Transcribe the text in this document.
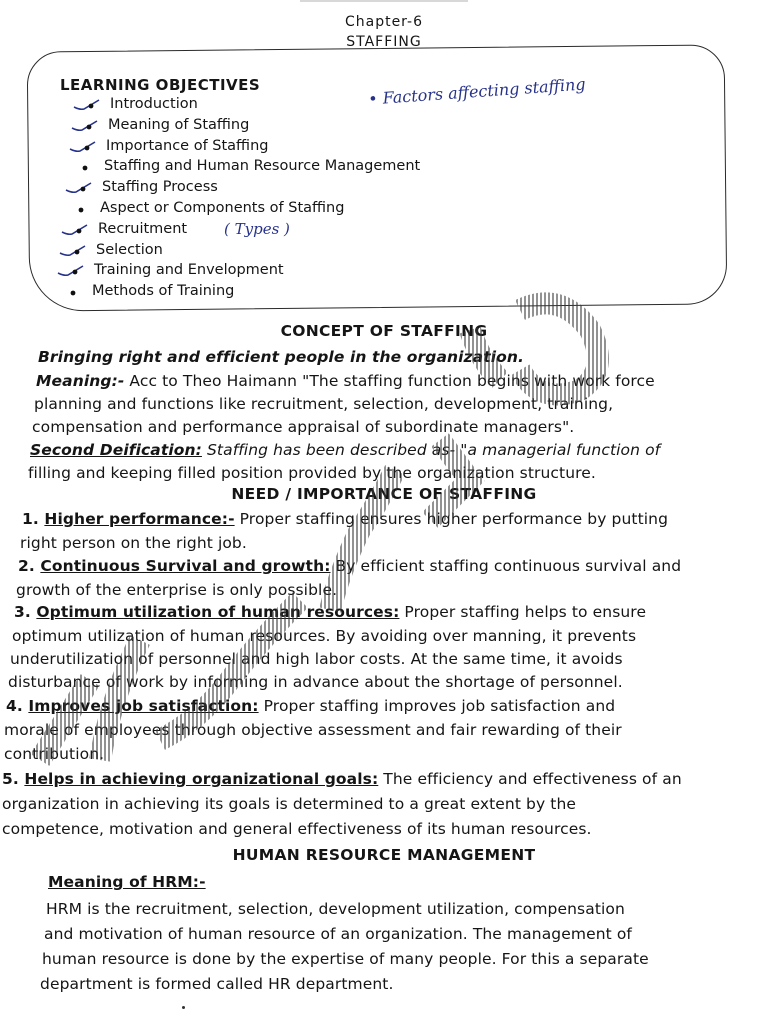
Chapter-6
STAFFING
LEARNING OBJECTIVES
Introduction
Meaning of Staffing
Importance of Staffing
Staffing and Human Resource Management
Staffing Process
Aspect or Components of Staffing
Recruitment
Selection
Training and Envelopment
Methods of Training
• Factors affecting staffing
( Types )
CONCEPT OF STAFFING
Bringing right and efficient people in the organization.
Meaning:- Acc to Theo Haimann "The staffing function begins with work force
planning and functions like recruitment, selection, development, training,
compensation and performance appraisal of subordinate managers".
Second Deification: Staffing has been described as- "a managerial function of
filling and keeping filled position provided by the organization structure.
NEED / IMPORTANCE OF STAFFING
1. Higher performance:- Proper staffing ensures higher performance by putting
right person on the right job.
2. Continuous Survival and growth: By efficient staffing continuous survival and
growth of the enterprise is only possible.
3. Optimum utilization of human resources: Proper staffing helps to ensure
optimum utilization of human resources. By avoiding over manning, it prevents
underutilization of personnel and high labor costs. At the same time, it avoids
disturbance of work by informing in advance about the shortage of personnel.
4. Improves job satisfaction: Proper staffing improves job satisfaction and
morale of employees through objective assessment and fair rewarding of their
contribution.
5. Helps in achieving organizational goals: The efficiency and effectiveness of an
organization in achieving its goals is determined to a great extent by the
competence, motivation and general effectiveness of its human resources.
HUMAN RESOURCE MANAGEMENT
Meaning of HRM:-
HRM is the recruitment, selection, development utilization, compensation
and motivation of human resource of an organization. The management of
human resource is done by the expertise of many people. For this a separate
department is formed called HR department.
